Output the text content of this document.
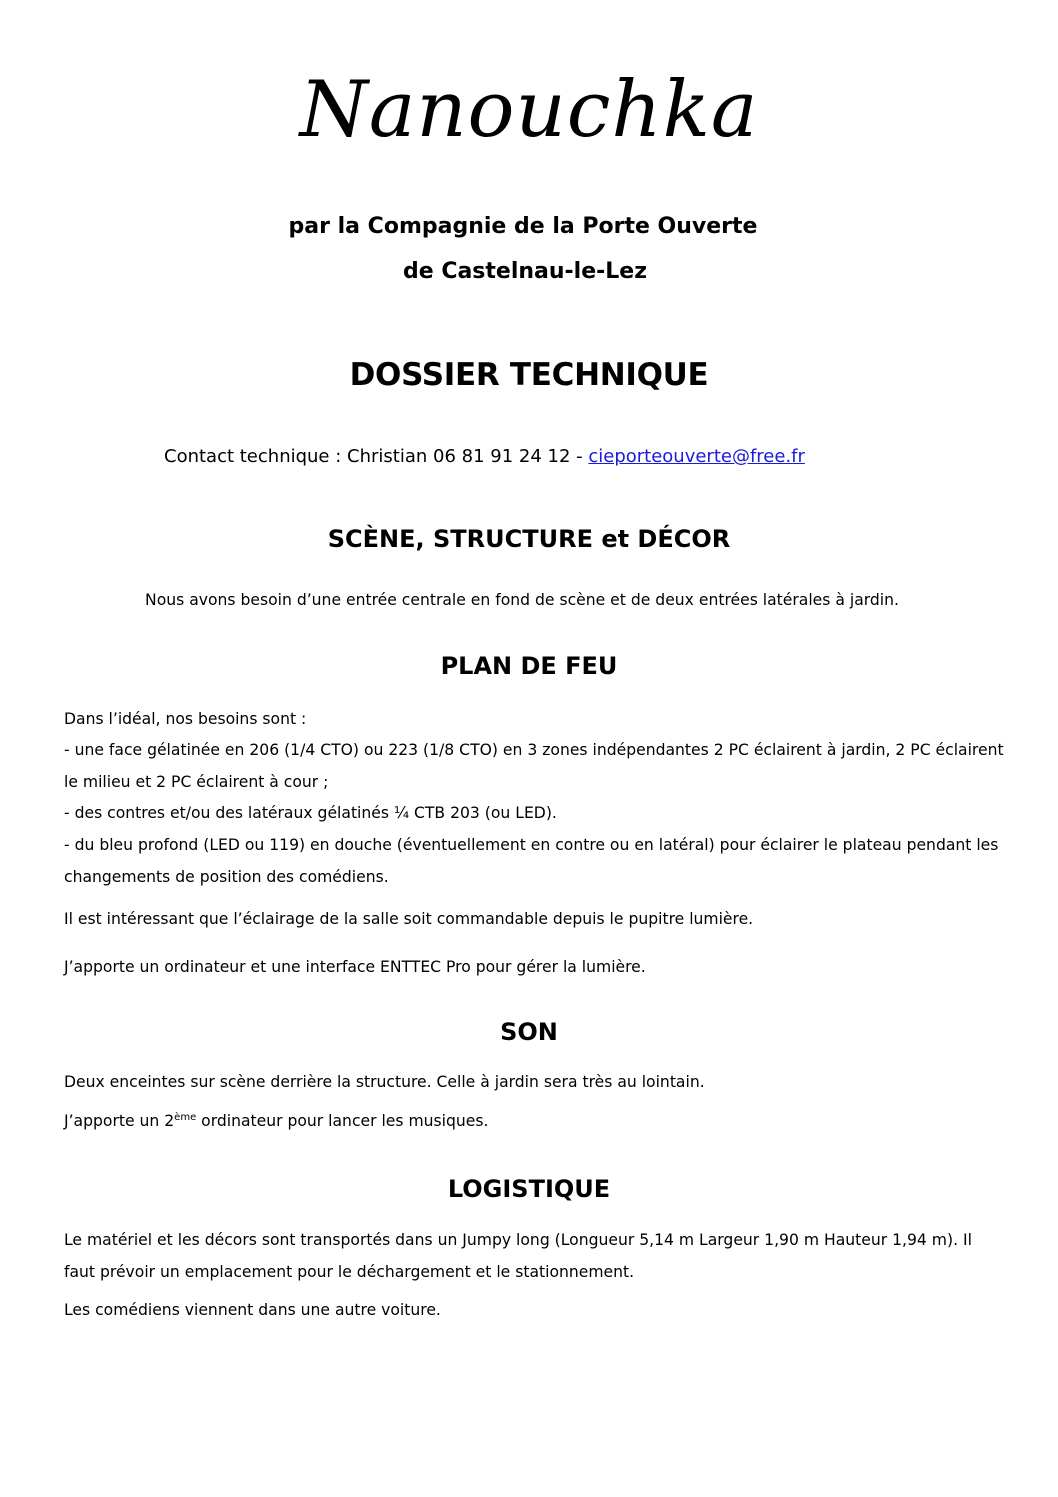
Nanouchka
par la Compagnie de la Porte Ouverte
de Castelnau-le-Lez
DOSSIER TECHNIQUE
Contact technique : Christian 06 81 91 24 12 - cieporteouverte@free.fr
SCÈNE, STRUCTURE et DÉCOR
Nous avons besoin d’une entrée centrale en fond de scène et de deux entrées latérales à jardin.
PLAN DE FEU
Dans l’idéal, nos besoins sont :
- une face gélatinée en 206 (1/4 CTO) ou 223 (1/8 CTO) en 3 zones indépendantes 2 PC éclairent à jardin, 2 PC éclairent le milieu et 2 PC éclairent à cour ;
- des contres et/ou des latéraux gélatinés ¼ CTB 203 (ou LED).
- du bleu profond (LED ou 119) en douche (éventuellement en contre ou en latéral) pour éclairer le plateau pendant les changements de position des comédiens.
Il est intéressant que l’éclairage de la salle soit commandable depuis le pupitre lumière.
J’apporte un ordinateur et une interface ENTTEC Pro pour gérer la lumière.
SON
Deux enceintes sur scène derrière la structure. Celle à jardin sera très au lointain.
J’apporte un 2ème ordinateur pour lancer les musiques.
LOGISTIQUE
Le matériel et les décors sont transportés dans un Jumpy long (Longueur 5,14 m Largeur 1,90 m Hauteur 1,94 m). Il faut prévoir un emplacement pour le déchargement et le stationnement.
Les comédiens viennent dans une autre voiture.
